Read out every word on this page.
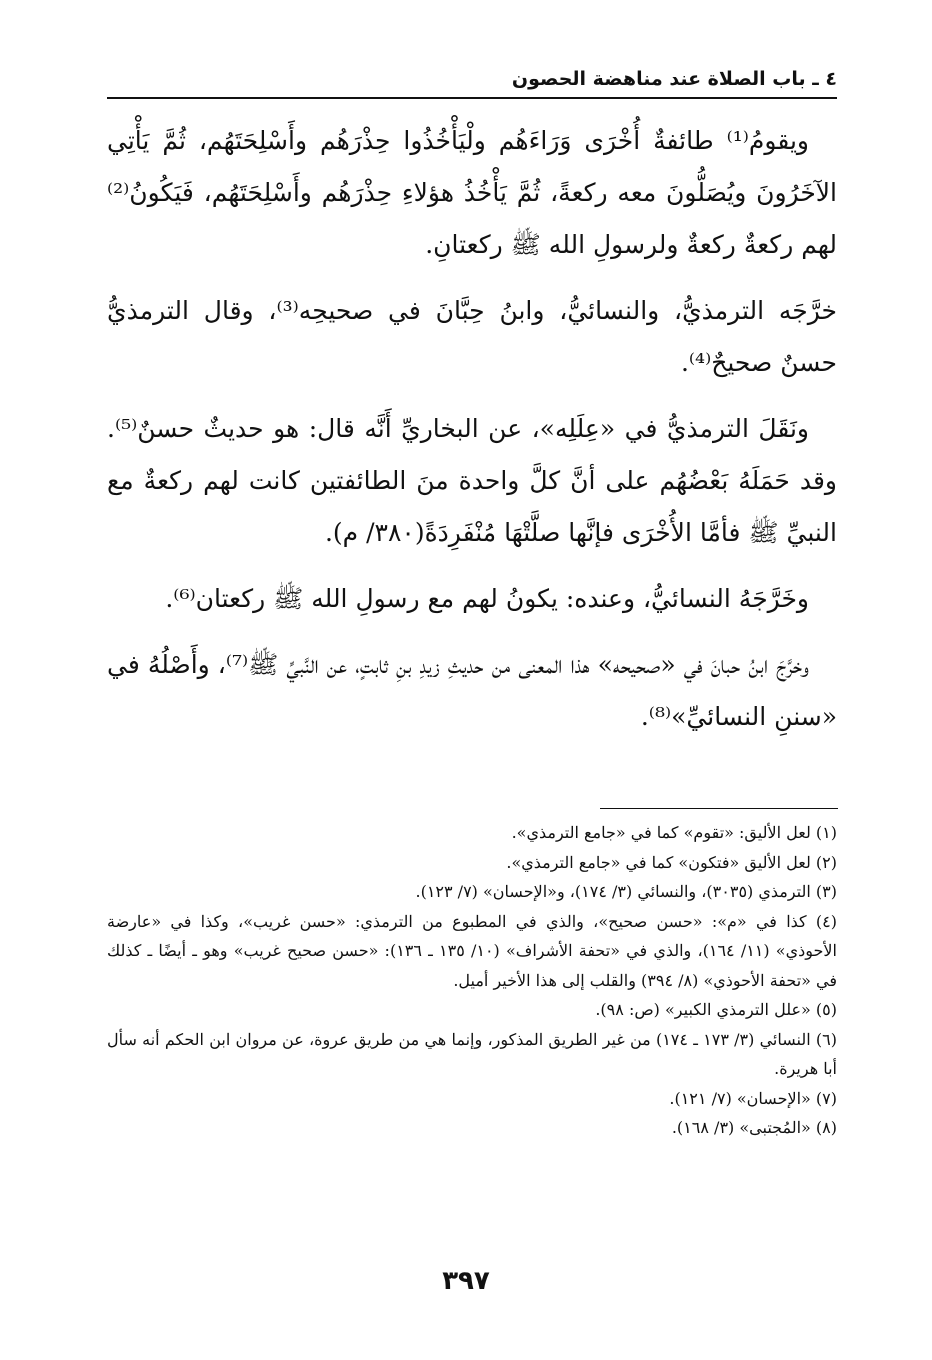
٤ ـ باب الصلاة عند مناهضة الحصون

ويقومُ⁽¹⁾ طائفةٌ أُخْرَى وَرَاءَهُم ولْيَأْخُذُوا حِذْرَهُم وأَسْلِحَتَهُم، ثُمَّ يَأْتِي الآخَرُونَ ويُصَلُّونَ معه ركعةً، ثُمَّ يَأْخُذُ هؤلاءِ حِذْرَهُم وأَسْلِحَتَهُم، فَيَكُونُ⁽²⁾ لهم ركعةٌ ركعةٌ ولرسولِ الله ﷺ ركعتانِ.

خرَّجَه الترمذيُّ، والنسائيُّ، وابنُ حِبَّانَ في صحيحِه⁽³⁾، وقال الترمذيُّ حسنٌ صحيحٌ⁽⁴⁾.

ونَقَلَ الترمذيُّ في «عِلَلِه»، عن البخاريِّ أَنَّه قال: هو حديثٌ حسنٌ⁽⁵⁾. وقد حَمَلَهُ بَعْضُهُم على أنَّ كلَّ واحدة منَ الطائفتين كانت لهم ركعةٌ مع النبيِّ ﷺ فأمَّا الأُخْرَى فإنَّها صلَّتْهَا مُنْفَرِدَةً(٣٨٠/ م).

وخَرَّجَهُ النسائيُّ، وعنده: يكونُ لهم مع رسولِ الله ﷺ ركعتان⁽⁶⁾.

وخرَّجَ ابنُ حبانَ في «صحيحه» هذا المعنى من حديثِ زيدِ بنِ ثابتٍ، عن النَّبيِّ ﷺ⁽⁷⁾، وأَصْلُهُ في «سننِ النسائيِّ»⁽⁸⁾.

(١) لعل الأليق: «تقوم» كما في «جامع الترمذي».

(٢) لعل الأليق «فتكون» كما في «جامع الترمذي».

(٣) الترمذي (٣٠٣٥)، والنسائي (٣/ ١٧٤)، و«الإحسان» (٧/ ١٢٣).

(٤) كذا في «م»: «حسن صحيح»، والذي في المطبوع من الترمذي: «حسن غريب»، وكذا في «عارضة الأحوذي» (١١/ ١٦٤)، والذي في «تحفة الأشراف» (١٠/ ١٣٥ ـ ١٣٦): «حسن صحيح غريب» وهو ـ أيضًا ـ كذلك في «تحفة الأحوذي» (٨/ ٣٩٤) والقلب إلى هذا الأخير أميل.

(٥) «علل الترمذي الكبير» (ص: ٩٨).

(٦) النسائي (٣/ ١٧٣ ـ ١٧٤) من غير الطريق المذكور، وإنما هي من طريق عروة، عن مروان ابن الحكم أنه سأل أبا هريرة.

(٧) «الإحسان» (٧/ ١٢١).

(٨) «المُجتبى» (٣/ ١٦٨).

٣٩٧
